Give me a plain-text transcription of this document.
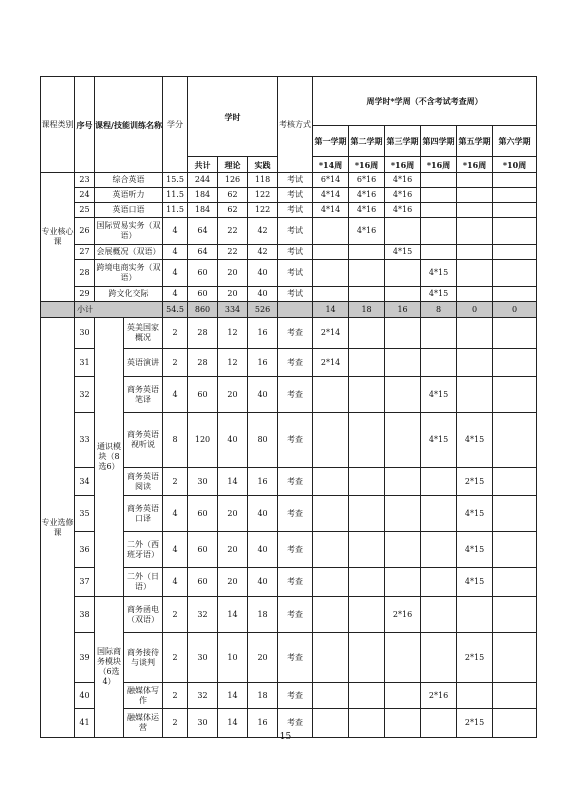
课程类别	序号	课程/技能训练名称		学分	学时			考核方式	周学时*学周（不含考试考查周）					
									第一学期	第二学期	第三学期	第四学期	第五学期	第六学期
					共计	理论	实践		*14周	*16周	*16周	*16周	*16周	*10周
专业核心课	23	综合英语		15.5	244	126	118	考试	6*14	6*16	4*16			
	24	英语听力		11.5	184	62	122	考试	4*14	4*16	4*16			
	25	英语口语		11.5	184	62	122	考试	4*14	4*16	4*16			
	26	国际贸易实务（双语）		4	64	22	42	考试		4*16				
	27	会展概况（双语）		4	64	22	42	考试			4*15			
	28	跨境电商实务（双语）		4	60	20	40	考试				4*15		
	29	跨文化交际		4	60	20	40	考试				4*15		
	小计			54.5	860	334	526		14	18	16	8	0	0
专业选修课	30	通识模块（8选6）	英美国家概况	2	28	12	16	考查	2*14					
	31		英语演讲	2	28	12	16	考查	2*14					
	32		商务英语笔译	4	60	20	40	考查				4*15		
	33		商务英语视听说	8	120	40	80	考查				4*15	4*15	
	34		商务英语阅读	2	30	14	16	考查					2*15	
	35		商务英语口译	4	60	20	40	考查					4*15	
	36		二外（西班牙语）	4	60	20	40	考查					4*15	
	37		二外（日语）	4	60	20	40	考查					4*15	
	38	国际商务模块（6选4）	商务函电（双语）	2	32	14	18	考查			2*16			
	39		商务接待与谈判	2	30	10	20	考查					2*15	
	40		融媒体写作	2	32	14	18	考查				2*16		
	41		融媒体运营	2	30	14	16	考查					2*15	
15
